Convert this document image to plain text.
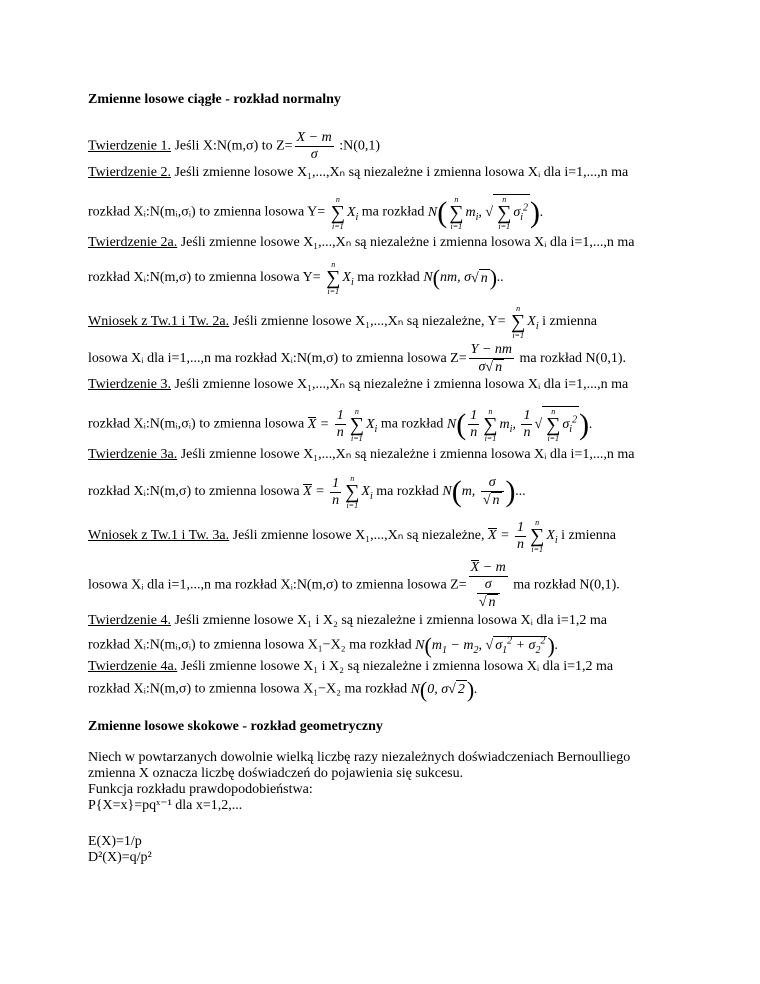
Zmienne losowe ciągłe - rozkład normalny
Twierdzenie 1. Jeśli X:N(m,σ) to $Z= \frac{X - m}{\sigma}$ :N(0,1)
Twierdzenie 2. Jeśli zmienne losowe X₁,...,Xₙ są niezależne i zmienna losowa Xᵢ dla i=1,...,n ma
rozkład Xᵢ:N(mᵢ,σᵢ) to zmienna losowa Y=
n
∑
i=1
$X_i$ ma rozkład N( n
∑
i=1
$m_i$, √
n
∑
i=1
$\sigma_i^2$).
Twierdzenie 2a. Jeśli zmienne losowe X₁,...,Xₙ są niezależne i zmienna losowa Xᵢ dla i=1,...,n ma
rozkład Xᵢ:N(m,σ) to zmienna losowa Y=
n
∑
i=1
$X_i$ ma rozkład N(nm, σ√ n)..
Wniosek z Tw.1 i Tw. 2a. Jeśli zmienne losowe X₁,...,Xₙ są niezależne, Y=
n
∑
i=1
$X_i$ i zmienna
losowa Xᵢ dla i=1,...,n ma rozkład Xᵢ:N(m,σ) to zmienna losowa $Z= \frac{Y - nm}{\sigma√ n}$ ma rozkład N(0,1).
Twierdzenie 3. Jeśli zmienne losowe X₁,...,Xₙ są niezależne i zmienna losowa Xᵢ dla i=1,...,n ma
rozkład Xᵢ:N(mᵢ,σᵢ) to zmienna losowa $X = \frac{1}{n}$	n
∑
i=1
$X_i$ ma rozkład $N( \frac{1}{n}$	n
∑
i=1
$m_i$, $\frac{1}{n}$ √
n
∑
i=1
$\sigma_i^2$).
Twierdzenie 3a. Jeśli zmienne losowe X₁,...,Xₙ są niezależne i zmienna losowa Xᵢ dla i=1,...,n ma
rozkład Xᵢ:N(m,σ) to zmienna losowa $X = \frac{1}{n}$	n
∑
i=1
$X_i$ ma rozkład N(m, $\frac{\sigma}{√ n}$ )...
Wniosek z Tw.1 i Tw. 3a. Jeśli zmienne losowe X₁,...,Xₙ są niezależne, $X = \frac{1}{n}$	n
∑
i=1
$X_i$ i zmienna
losowa Xᵢ dla i=1,...,n ma rozkład Xᵢ:N(m,σ) to zmienna losowa $Z= \frac{X - m}{\frac{\sigma}{√ n}}$ ma rozkład N(0,1).
Twierdzenie 4. Jeśli zmienne losowe X₁ i X₂ są niezależne i zmienna losowa Xᵢ dla i=1,2 ma
rozkład Xᵢ:N(mᵢ,σᵢ) to zmienna losowa X₁−X₂ ma rozkład $N(m_1 - m_2$, √ $\sigma_1^2 + \sigma_2^2$).
Twierdzenie 4a. Jeśli zmienne losowe X₁ i X₂ są niezależne i zmienna losowa Xᵢ dla i=1,2 ma
rozkład Xᵢ:N(m,σ) to zmienna losowa X₁−X₂ ma rozkład N(0, σ√ 2).
Zmienne losowe skokowe - rozkład geometryczny
Niech w powtarzanych dowolnie wielką liczbę razy niezależnych doświadczeniach Bernoulliego
zmienna X oznacza liczbę doświadczeń do pojawienia się sukcesu.
Funkcja rozkładu prawdopodobieństwa:
P{X=x}=pqˣ⁻¹ dla x=1,2,...
E(X)=1/p
D²(X)=q/p²
